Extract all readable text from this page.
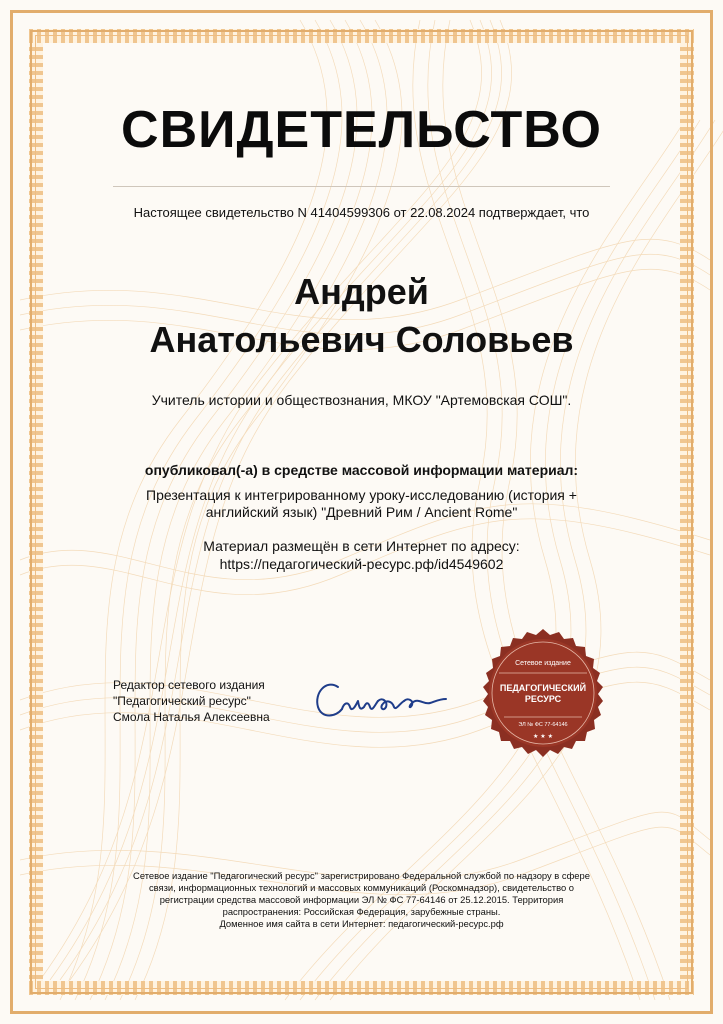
СВИДЕТЕЛЬСТВО
Настоящее свидетельство N 41404599306 от 22.08.2024 подтверждает, что
Андрей
Анатольевич Соловьев
Учитель истории и обществознания, МКОУ "Артемовская СОШ".
опубликовал(-а) в средстве массовой информации материал:
Презентация к интегрированному уроку-исследованию (история +
английский язык) "Древний Рим / Ancient Rome"
Материал размещён в сети Интернет по адресу:
https://педагогический-ресурс.рф/id4549602
Редактор сетевого издания
"Педагогический ресурс"
Смола Наталья Алексеевна
Сетевое издание
ПЕДАГОГИЧЕСКИЙ
РЕСУРС
ЭЛ № ФС 77-64146
★ ★ ★
Сетевое издание "Педагогический ресурс" зарегистрировано Федеральной службой по надзору в сфере
связи, информационных технологий и массовых коммуникаций (Роскомнадзор), свидетельство о
регистрации средства массовой информации ЭЛ № ФС 77-64146 от 25.12.2015. Территория
распространения: Российская Федерация, зарубежные страны.
Доменное имя сайта в сети Интернет: педагогический-ресурс.рф
